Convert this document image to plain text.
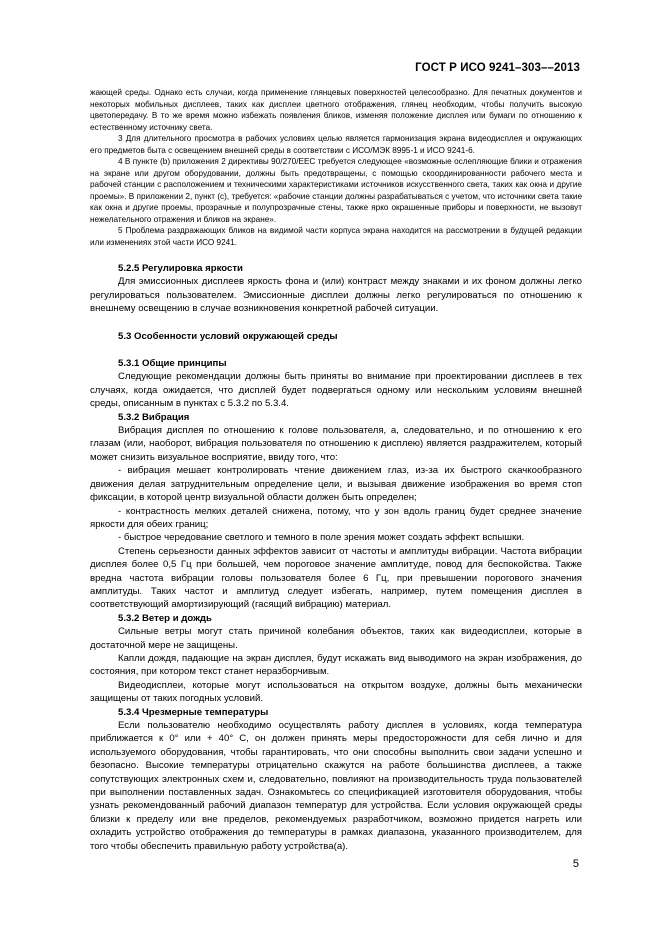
ГОСТ Р ИСО 9241–303––2013

жающей среды. Однако есть случаи, когда применение глянцевых поверхностей целесообразно. Для печатных документов и некоторых мобильных дисплеев, таких как дисплеи цветного отображения, глянец необходим, чтобы получить высокую цветопередачу. В то же время можно избежать появления бликов, изменяя положение дисплея или бумаги по отношению к естественному источнику света.

3 Для длительного просмотра в рабочих условиях целью является гармонизация экрана видеодисплея и окружающих его предметов быта с освещением внешней среды в соответствии с ИСО/МЭК 8995-1 и ИСО 9241-6.

4 В пункте (b) приложения 2 директивы 90/270/ЕЕС требуется следующее «возможные ослепляющие блики и отражения на экране или другом оборудовании, должны быть предотвращены, с помощью скоординированности рабочего места и рабочей станции с расположением и техническими характеристиками источников искусственного света, таких как окна и другие проемы». В приложении 2, пункт (с), требуется: «рабочие станции должны разрабатываться с учетом, что источники света такие как окна и другие проемы, прозрачные и полупрозрачные стены, также ярко окрашенные приборы и поверхности, не вызовут нежелательного отражения и бликов на экране».

5 Проблема раздражающих бликов на видимой части корпуса экрана находится на рассмотрении в будущей редакции или изменениях этой части ИСО 9241.

5.2.5 Регулировка яркости

Для эмиссионных дисплеев яркость фона и (или) контраст между знаками и их фоном должны легко регулироваться пользователем. Эмиссионные дисплеи должны легко регулироваться по отношению к внешнему освещению в случае возникновения конкретной рабочей ситуации.

5.3 Особенности условий окружающей среды
5.3.1 Общие принципы

Следующие рекомендации должны быть приняты во внимание при проектировании дисплеев в тех случаях, когда ожидается, что дисплей будет подвергаться одному или нескольким условиям внешней среды, описанным в пунктах с 5.3.2 по 5.3.4.

5.3.2 Вибрация

Вибрация дисплея по отношению к голове пользователя, а, следовательно, и по отношению к его глазам (или, наоборот, вибрация пользователя по отношению к дисплею) является раздражителем, который может снизить визуальное восприятие, ввиду того, что:

- вибрация мешает контролировать чтение движением глаз, из-за их быстрого скачкообразного движения делая затруднительным определение цели, и вызывая движение изображения во время стоп фиксации, в которой центр визуальной области должен быть определен;

- контрастность мелких деталей снижена, потому, что у зон вдоль границ будет среднее значение яркости для обеих границ;

- быстрое чередование светлого и темного в поле зрения может создать эффект вспышки.

Степень серьезности данных эффектов зависит от частоты и амплитуды вибрации. Частота вибрации дисплея более 0,5 Гц при большей, чем пороговое значение амплитуде, повод для беспокойства. Также вредна частота вибрации головы пользователя более 6 Гц, при превышении порогового значения амплитуды. Таких частот и амплитуд следует избегать, например, путем помещения дисплея в соответствующий амортизирующий (гасящий вибрацию) материал.

5.3.2 Ветер и дождь

Сильные ветры могут стать причиной колебания объектов, таких как видеодисплеи, которые в достаточной мере не защищены.

Капли дождя, падающие на экран дисплея, будут искажать вид выводимого на экран изображения, до состояния, при котором текст станет неразборчивым.

Видеодисплеи, которые могут использоваться на открытом воздухе, должны быть механически защищены от таких погодных условий.

5.3.4 Чрезмерные температуры

Если пользователю необходимо осуществлять работу дисплея в условиях, когда температура приближается к 0° или + 40° С, он должен принять меры предосторожности для себя лично и для используемого оборудования, чтобы гарантировать, что они способны выполнить свои задачи успешно и безопасно. Высокие температуры отрицательно скажутся на работе большинства дисплеев, а также сопутствующих электронных схем и, следовательно, повлияют на производительность труда пользователей при выполнении поставленных задач. Ознакомьтесь со спецификацией изготовителя оборудования, чтобы узнать рекомендованный рабочий диапазон температур для устройства. Если условия окружающей среды близки к пределу или вне пределов, рекомендуемых разработчиком, возможно придется нагреть или охладить устройство отображения до температуры в рамках диапазона, указанного производителем, для того чтобы обеспечить правильную работу устройства(а).

5
